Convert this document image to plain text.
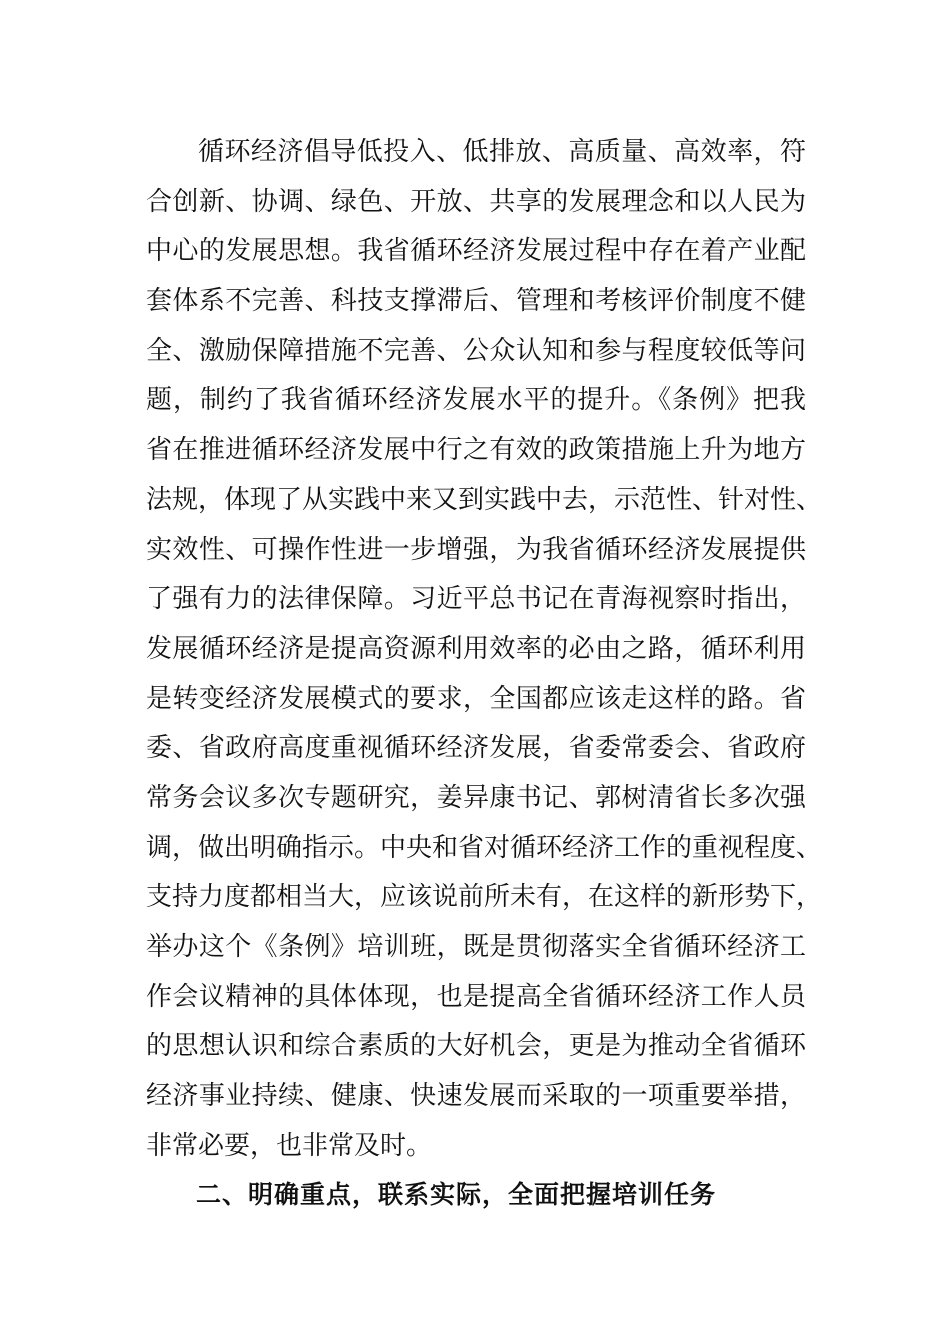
循环经济倡导低投入、低排放、高质量、高效率，符
合创新、协调、绿色、开放、共享的发展理念和以人民为
中心的发展思想。我省循环经济发展过程中存在着产业配
套体系不完善、科技支撑滞后、管理和考核评价制度不健
全、激励保障措施不完善、公众认知和参与程度较低等问
题，制约了我省循环经济发展水平的提升。《条例》把我
省在推进循环经济发展中行之有效的政策措施上升为地方
法规，体现了从实践中来又到实践中去，示范性、针对性、
实效性、可操作性进一步增强，为我省循环经济发展提供
了强有力的法律保障。习近平总书记在青海视察时指出，
发展循环经济是提高资源利用效率的必由之路，循环利用
是转变经济发展模式的要求，全国都应该走这样的路。省
委、省政府高度重视循环经济发展，省委常委会、省政府
常务会议多次专题研究，姜异康书记、郭树清省长多次强
调，做出明确指示。中央和省对循环经济工作的重视程度、
支持力度都相当大，应该说前所未有，在这样的新形势下，
举办这个《条例》培训班，既是贯彻落实全省循环经济工
作会议精神的具体体现，也是提高全省循环经济工作人员
的思想认识和综合素质的大好机会，更是为推动全省循环
经济事业持续、健康、快速发展而采取的一项重要举措，
非常必要，也非常及时。
二、明确重点，联系实际，全面把握培训任务
